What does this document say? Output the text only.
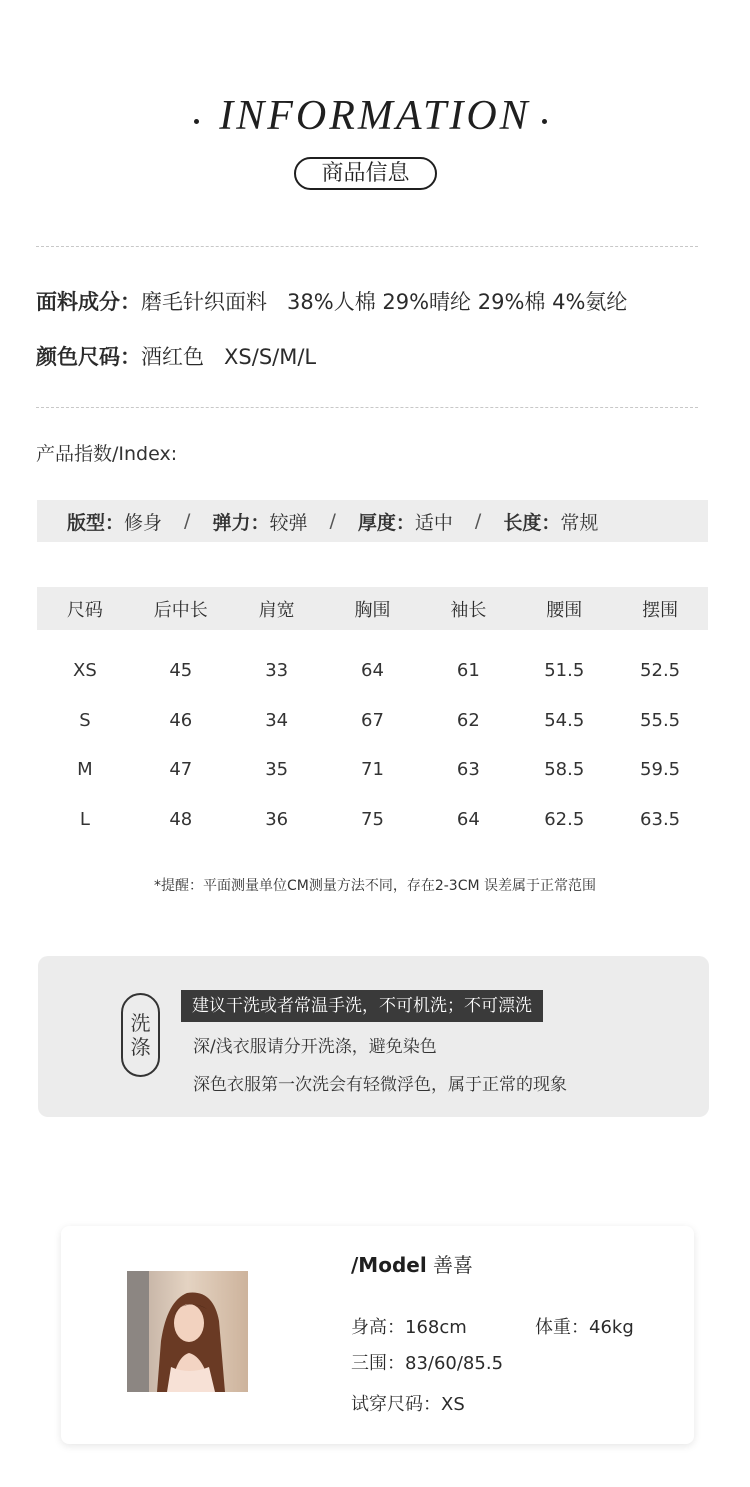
INFORMATION
商品信息
面料成分：磨毛针织面料   38%人棉 29%晴纶 29%棉 4%氨纶
颜色尺码：酒红色   XS/S/M/L
产品指数/Index:
版型： 修身 / 弹力： 较弹 / 厚度： 适中 / 长度： 常规
尺码	后中长	肩宽	胸围	袖长	腰围	摆围
XS	45	33	64	61	51.5	52.5
S	46	34	67	62	54.5	55.5
M	47	35	71	63	58.5	59.5
L	48	36	75	64	62.5	63.5
*提醒：平面测量单位CM测量方法不同，存在2-3CM 误差属于正常范围
洗
涤
建议干洗或者常温手洗，不可机洗；不可漂洗
深/浅衣服请分开洗涤，避免染色
深色衣服第一次洗会有轻微浮色，属于正常的现象
/Model 善喜
身高：168cm	体重：46kg
三围：83/60/85.5
试穿尺码：XS
